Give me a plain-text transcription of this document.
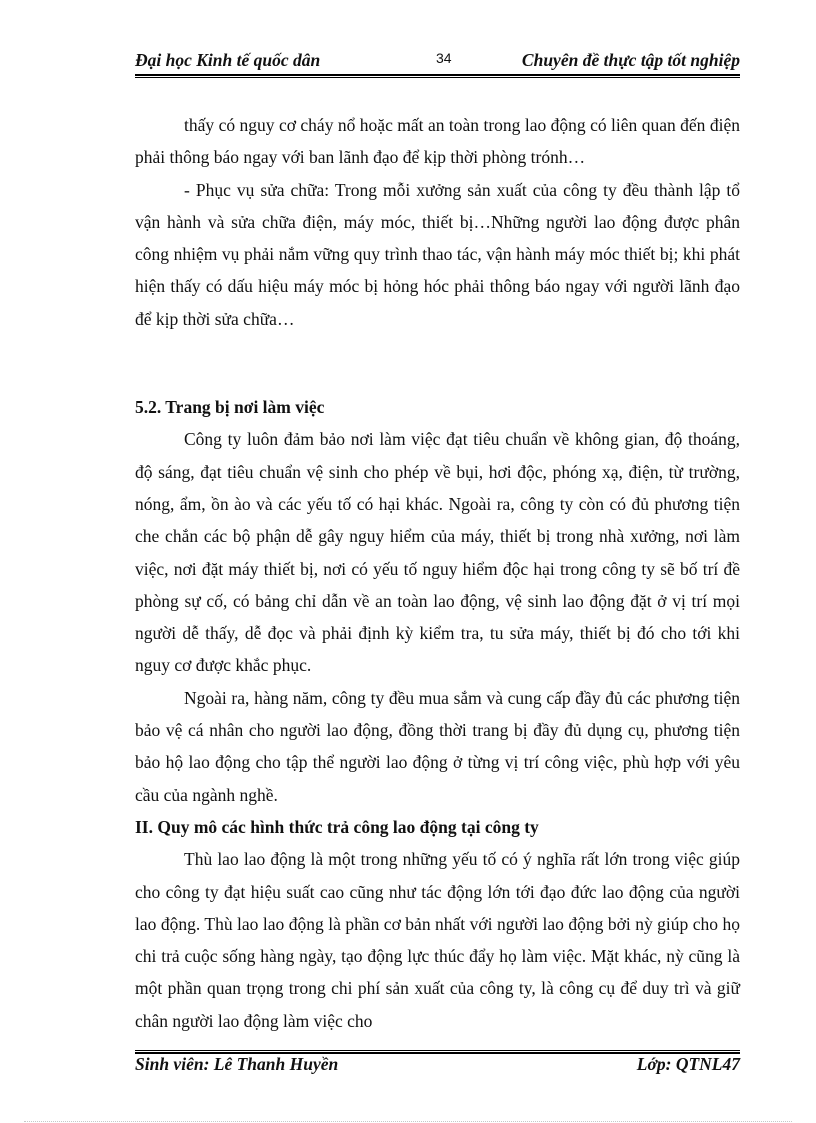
Đại học Kinh tế quốc dân	34	Chuyên đề thực tập tốt nghiệp

thấy có nguy cơ cháy nổ hoặc mất an toàn trong lao động có liên quan đến điện phải thông báo ngay với ban lãnh đạo để kịp thời phòng trónh…

- Phục vụ sửa chữa: Trong mỗi xưởng sản xuất của công ty đều thành lập tổ vận hành và sửa chữa điện, máy móc, thiết bị…Những người lao động được phân công nhiệm vụ phải nắm vững quy trình thao tác, vận hành máy móc thiết bị; khi phát hiện thấy có dấu hiệu máy móc bị hỏng hóc phải thông báo ngay với người lãnh đạo để kịp thời sửa chữa…

5.2. Trang bị nơi làm việc

Công ty luôn đảm bảo nơi làm việc đạt tiêu chuẩn về không gian, độ thoáng, độ sáng, đạt tiêu chuẩn vệ sinh cho phép về bụi, hơi độc, phóng xạ, điện, từ trường, nóng, ẩm, ồn ào và các yếu tố có hại khác. Ngoài ra, công ty còn có đủ phương tiện che chắn các bộ phận dễ gây nguy hiểm của máy, thiết bị trong nhà xưởng, nơi làm việc, nơi đặt máy thiết bị, nơi có yếu tố nguy hiểm độc hại trong công ty sẽ bố trí đề phòng sự cố, có bảng chỉ dẫn về an toàn lao động, vệ sinh lao động đặt ở vị trí mọi người dễ thấy, dễ đọc và phải định kỳ kiểm tra, tu sửa máy, thiết bị đó cho tới khi nguy cơ được khắc phục.

Ngoài ra, hàng năm, công ty đều mua sắm và cung cấp đầy đủ các phương tiện bảo vệ cá nhân cho người lao động, đồng thời trang bị đầy đủ dụng cụ, phương tiện bảo hộ lao động cho tập thể người lao động ở từng vị trí công việc, phù hợp với yêu cầu của ngành nghề.

II. Quy mô các hình thức trả công lao động tại công ty

Thù lao lao động là một trong những yếu tố có ý nghĩa rất lớn trong việc giúp cho công ty đạt hiệu suất cao cũng như tác động lớn tới đạo đức lao động của người lao động. Thù lao lao động là phần cơ bản nhất với người lao động bởi nỳ giúp cho họ chi trả cuộc sống hàng ngày, tạo động lực thúc đẩy họ làm việc. Mặt khác, nỳ cũng là một phần quan trọng trong chi phí sản xuất của công ty, là công cụ để duy trì và giữ chân người lao động làm việc cho

Sinh viên: Lê Thanh Huyền	Lớp: QTNL47
